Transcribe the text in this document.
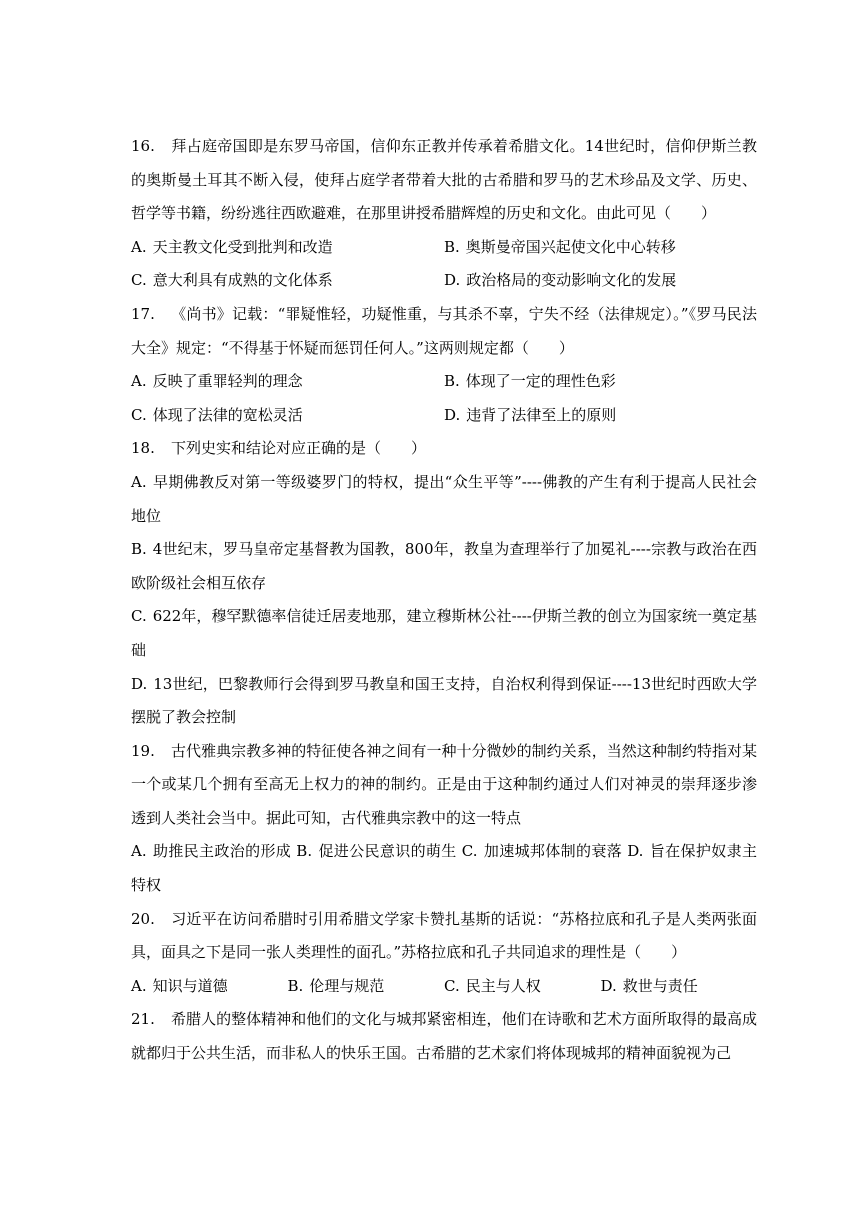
16. 拜占庭帝国即是东罗马帝国，信仰东正教并传承着希腊文化。14世纪时，信仰伊斯兰教的奥斯曼土耳其不断入侵，使拜占庭学者带着大批的古希腊和罗马的艺术珍品及文学、历史、哲学等书籍，纷纷逃往西欧避难，在那里讲授希腊辉煌的历史和文化。由此可见（　　）

A. 天主教文化受到批判和改造	B. 奥斯曼帝国兴起使文化中心转移
C. 意大利具有成熟的文化体系	D. 政治格局的变动影响文化的发展

17. 《尚书》记载：“罪疑惟轻，功疑惟重，与其杀不辜，宁失不经（法律规定）。”《罗马民法大全》规定：“不得基于怀疑而惩罚任何人。”这两则规定都（　　）

A. 反映了重罪轻判的理念	B. 体现了一定的理性色彩
C. 体现了法律的宽松灵活	D. 违背了法律至上的原则

18. 下列史实和结论对应正确的是（　　）

A. 早期佛教反对第一等级婆罗门的特权，提出“众生平等”----佛教的产生有利于提高人民社会地位

B. 4世纪末，罗马皇帝定基督教为国教，800年，教皇为查理举行了加冕礼----宗教与政治在西欧阶级社会相互依存

C. 622年，穆罕默德率信徒迁居麦地那，建立穆斯林公社----伊斯兰教的创立为国家统一奠定基础

D. 13世纪，巴黎教师行会得到罗马教皇和国王支持，自治权利得到保证----13世纪时西欧大学摆脱了教会控制

19. 古代雅典宗教多神的特征使各神之间有一种十分微妙的制约关系，当然这种制约特指对某一个或某几个拥有至高无上权力的神的制约。正是由于这种制约通过人们对神灵的崇拜逐步渗透到人类社会当中。据此可知，古代雅典宗教中的这一特点

A. 助推民主政治的形成 B. 促进公民意识的萌生 C. 加速城邦体制的衰落 D. 旨在保护奴隶主特权

20. 习近平在访问希腊时引用希腊文学家卡赞扎基斯的话说：“苏格拉底和孔子是人类两张面具，面具之下是同一张人类理性的面孔。”苏格拉底和孔子共同追求的理性是（　　）

A. 知识与道德	B. 伦理与规范	C. 民主与人权	D. 救世与责任

21. 希腊人的整体精神和他们的文化与城邦紧密相连，他们在诗歌和艺术方面所取得的最高成就都归于公共生活，而非私人的快乐王国。古希腊的艺术家们将体现城邦的精神面貌视为己
